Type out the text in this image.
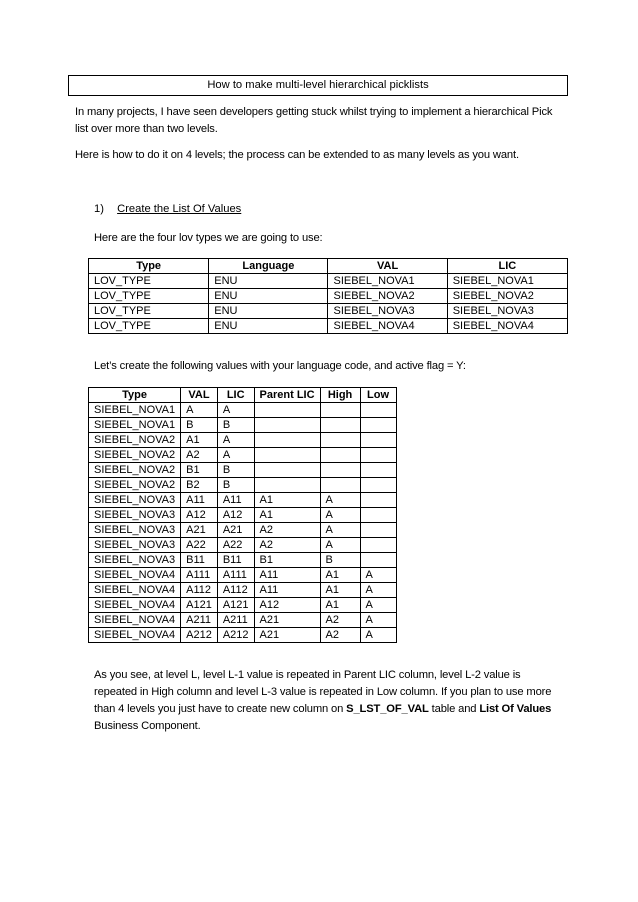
How to make multi-level hierarchical picklists
In many projects, I have seen developers getting stuck whilst trying to implement a hierarchical Pick list over more than two levels.
Here is how to do it on 4 levels; the process can be extended to as many levels as you want.
1) Create the List Of Values
Here are the four lov types we are going to use:
Type	Language	VAL	LIC
LOV_TYPE	ENU	SIEBEL_NOVA1	SIEBEL_NOVA1
LOV_TYPE	ENU	SIEBEL_NOVA2	SIEBEL_NOVA2
LOV_TYPE	ENU	SIEBEL_NOVA3	SIEBEL_NOVA3
LOV_TYPE	ENU	SIEBEL_NOVA4	SIEBEL_NOVA4
Let’s create the following values with your language code, and active flag = Y:
Type	VAL	LIC	Parent LIC	High	Low
SIEBEL_NOVA1	A	A			
SIEBEL_NOVA1	B	B			
SIEBEL_NOVA2	A1	A			
SIEBEL_NOVA2	A2	A			
SIEBEL_NOVA2	B1	B			
SIEBEL_NOVA2	B2	B			
SIEBEL_NOVA3	A11	A11	A1	A	
SIEBEL_NOVA3	A12	A12	A1	A	
SIEBEL_NOVA3	A21	A21	A2	A	
SIEBEL_NOVA3	A22	A22	A2	A	
SIEBEL_NOVA3	B11	B11	B1	B	
SIEBEL_NOVA4	A111	A111	A11	A1	A
SIEBEL_NOVA4	A112	A112	A11	A1	A
SIEBEL_NOVA4	A121	A121	A12	A1	A
SIEBEL_NOVA4	A211	A211	A21	A2	A
SIEBEL_NOVA4	A212	A212	A21	A2	A
As you see, at level L, level L-1 value is repeated in Parent LIC column, level L-2 value is repeated in High column and level L-3 value is repeated in Low column. If you plan to use more than 4 levels you just have to create new column on S_LST_OF_VAL table and List Of Values Business Component.
